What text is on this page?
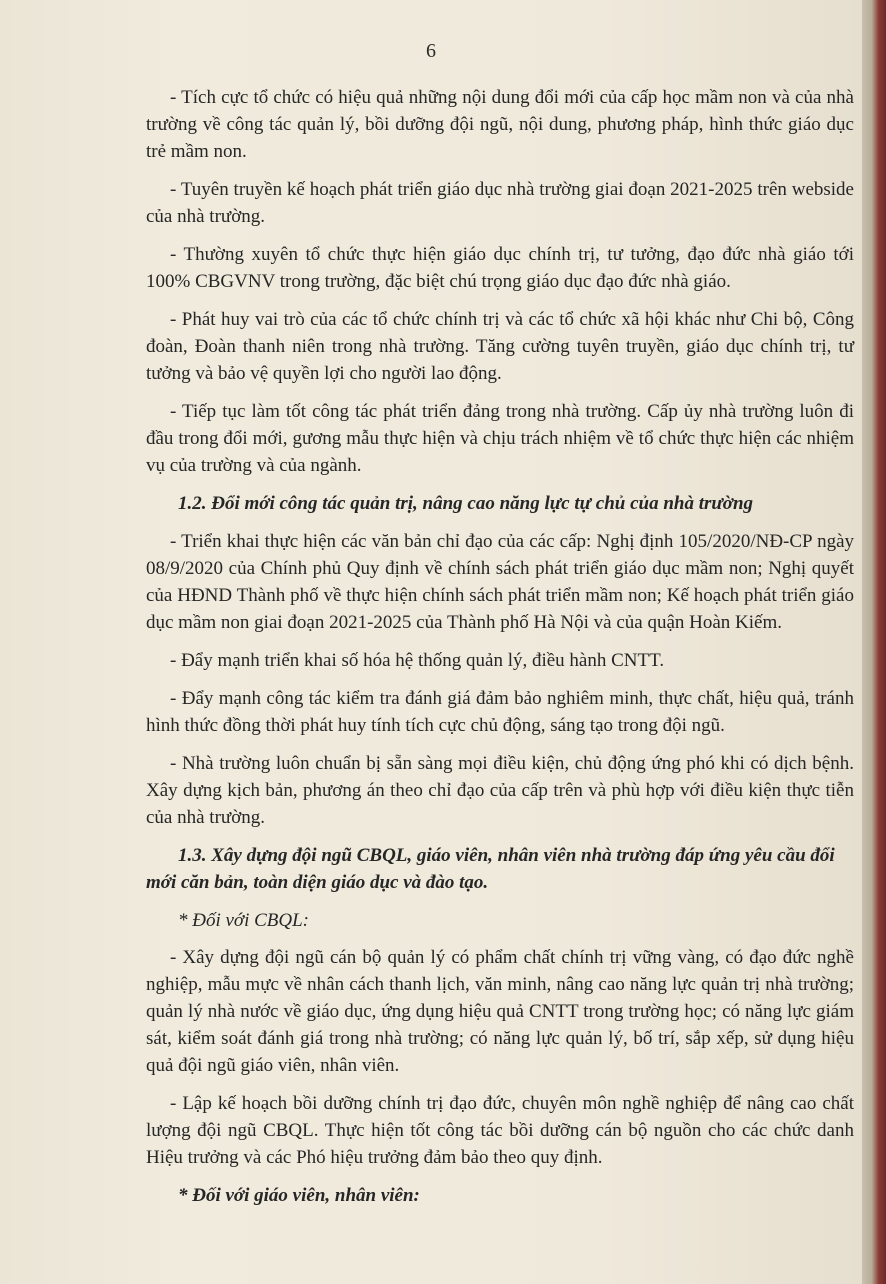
6

- Tích cực tổ chức có hiệu quả những nội dung đổi mới của cấp học mầm non và của nhà trường về công tác quản lý, bồi dưỡng đội ngũ, nội dung, phương pháp, hình thức giáo dục trẻ mầm non.

- Tuyên truyền kế hoạch phát triển giáo dục nhà trường giai đoạn 2021-2025 trên webside của nhà trường.

- Thường xuyên tổ chức thực hiện giáo dục chính trị, tư tưởng, đạo đức nhà giáo tới 100% CBGVNV trong trường, đặc biệt chú trọng giáo dục đạo đức nhà giáo.

- Phát huy vai trò của các tổ chức chính trị và các tổ chức xã hội khác như Chi bộ, Công đoàn, Đoàn thanh niên trong nhà trường. Tăng cường tuyên truyền, giáo dục chính trị, tư tưởng và bảo vệ quyền lợi cho người lao động.

- Tiếp tục làm tốt công tác phát triển đảng trong nhà trường. Cấp ủy nhà trường luôn đi đầu trong đổi mới, gương mẫu thực hiện và chịu trách nhiệm về tổ chức thực hiện các nhiệm vụ của trường và của ngành.

1.2. Đổi mới công tác quản trị, nâng cao năng lực tự chủ của nhà trường

- Triển khai thực hiện các văn bản chỉ đạo của các cấp: Nghị định 105/2020/NĐ-CP ngày 08/9/2020 của Chính phủ Quy định về chính sách phát triển giáo dục mầm non; Nghị quyết của HĐND Thành phố về thực hiện chính sách phát triển mầm non; Kế hoạch phát triển giáo dục mầm non giai đoạn 2021-2025 của Thành phố Hà Nội và của quận Hoàn Kiếm.

- Đẩy mạnh triển khai số hóa hệ thống quản lý, điều hành CNTT.

- Đẩy mạnh công tác kiểm tra đánh giá đảm bảo nghiêm minh, thực chất, hiệu quả, tránh hình thức đồng thời phát huy tính tích cực chủ động, sáng tạo trong đội ngũ.

- Nhà trường luôn chuẩn bị sẵn sàng mọi điều kiện, chủ động ứng phó khi có dịch bệnh. Xây dựng kịch bản, phương án theo chỉ đạo của cấp trên và phù hợp với điều kiện thực tiễn của nhà trường.

1.3. Xây dựng đội ngũ CBQL, giáo viên, nhân viên nhà trường đáp ứng yêu cầu đổi mới căn bản, toàn diện giáo dục và đào tạo.

* Đối với CBQL:

- Xây dựng đội ngũ cán bộ quản lý có phẩm chất chính trị vững vàng, có đạo đức nghề nghiệp, mẫu mực về nhân cách thanh lịch, văn minh, nâng cao năng lực quản trị nhà trường; quản lý nhà nước về giáo dục, ứng dụng hiệu quả CNTT trong trường học; có năng lực giám sát, kiểm soát đánh giá trong nhà trường; có năng lực quản lý, bố trí, sắp xếp, sử dụng hiệu quả đội ngũ giáo viên, nhân viên.

- Lập kế hoạch bồi dưỡng chính trị đạo đức, chuyên môn nghề nghiệp để nâng cao chất lượng đội ngũ CBQL. Thực hiện tốt công tác bồi dưỡng cán bộ nguồn cho các chức danh Hiệu trưởng và các Phó hiệu trưởng đảm bảo theo quy định.

* Đối với giáo viên, nhân viên:
